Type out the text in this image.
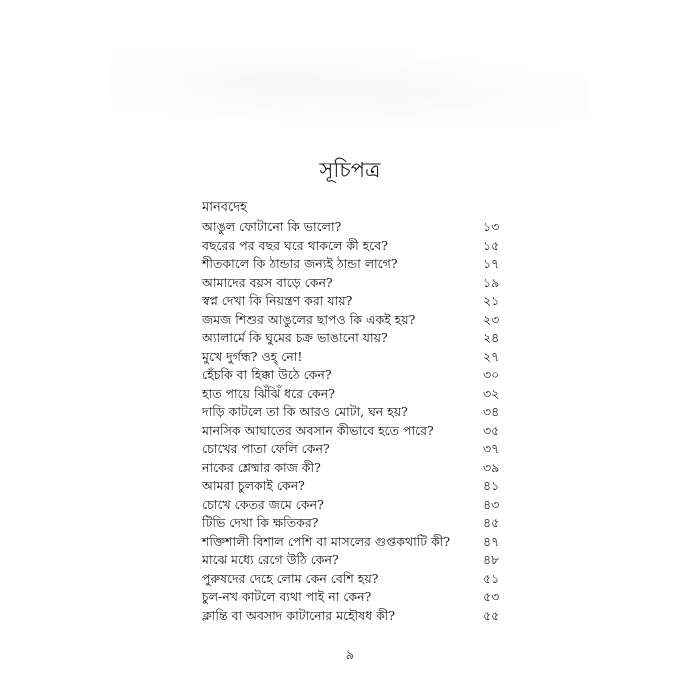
সূচিপত্র
মানবদেহ
আঙুল ফোটানো কি ভালো?	১৩
বছরের পর বছর ঘরে থাকলে কী হবে?	১৫
শীতকালে কি ঠান্ডার জন্যই ঠান্ডা লাগে?	১৭
আমাদের বয়স বাড়ে কেন?	১৯
স্বপ্ন দেখা কি নিয়ন্ত্রণ করা যায়?	২১
জমজ শিশুর আঙুলের ছাপও কি একই হয়?	২৩
অ্যালার্মে কি ঘুমের চক্র ভাঙানো যায়?	২৪
মুখে দুর্গন্ধ? ওহ্ নো!	২৭
হেঁচকি বা হিক্কা উঠে কেন?	৩০
হাত পায়ে ঝিঁঝিঁ ধরে কেন?	৩২
দাড়ি কাটলে তা কি আরও মোটা, ঘন হয়?	৩৪
মানসিক আঘাতের অবসান কীভাবে হতে পারে?	৩৫
চোখের পাতা ফেলি কেন?	৩৭
নাকের শ্লেষ্মার কাজ কী?	৩৯
আমরা চুলকাই কেন?	৪১
চোখে কেতর জমে কেন?	৪৩
টিভি দেখা কি ক্ষতিকর?	৪৫
শক্তিশালী বিশাল পেশি বা মাসলের গুপ্তকথাটি কী?	৪৭
মাঝে মধ্যে রেগে উঠি কেন?	৪৮
পুরুষদের দেহে লোম কেন বেশি হয়?	৫১
চুল-নখ কাটলে ব্যথা পাই না কেন?	৫৩
ক্লান্তি বা অবসাদ কাটানোর মহৌষধ কী?	৫৫
৯
